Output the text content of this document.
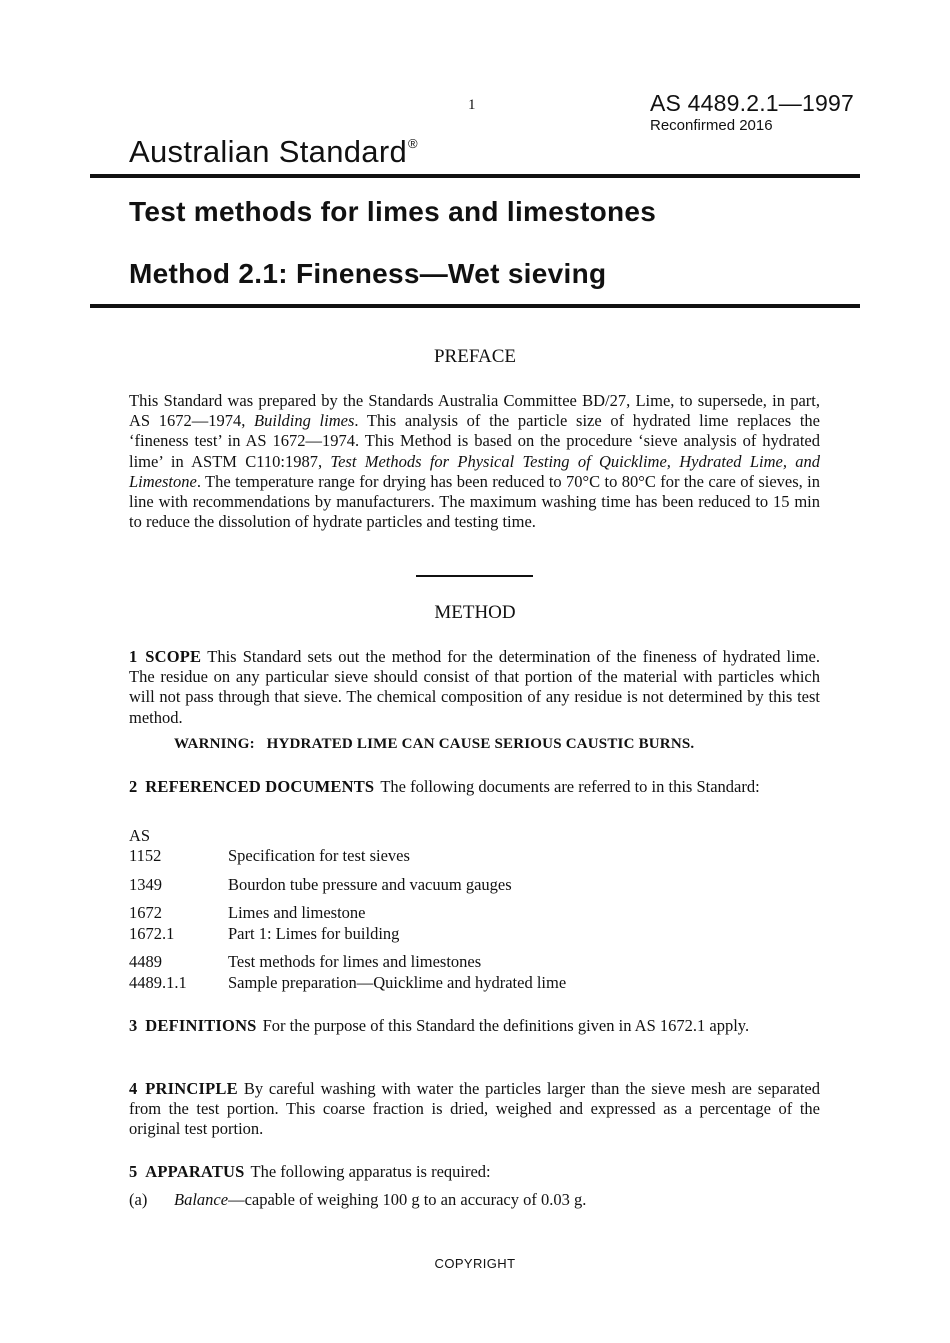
1	AS 4489.2.1—1997
Reconfirmed 2016
Australian Standard®
Test methods for limes and limestones
Method 2.1: Fineness—Wet sieving
PREFACE
This Standard was prepared by the Standards Australia Committee BD/27, Lime, to supersede, in part, AS 1672—1974, Building limes. This analysis of the particle size of hydrated lime replaces the ‘fineness test’ in AS 1672—1974. This Method is based on the procedure ‘sieve analysis of hydrated lime’ in ASTM C110:1987, Test Methods for Physical Testing of Quicklime, Hydrated Lime, and Limestone. The temperature range for drying has been reduced to 70°C to 80°C for the care of sieves, in line with recommendations by manufacturers. The maximum washing time has been reduced to 15 min to reduce the dissolution of hydrate particles and testing time.
METHOD
1 SCOPE This Standard sets out the method for the determination of the fineness of hydrated lime. The residue on any particular sieve should consist of that portion of the material with particles which will not pass through that sieve. The chemical composition of any residue is not determined by this test method.
WARNING:   HYDRATED LIME CAN CAUSE SERIOUS CAUSTIC BURNS.
2 REFERENCED DOCUMENTS The following documents are referred to in this Standard:
AS
1152	Specification for test sieves
1349	Bourdon tube pressure and vacuum gauges
1672	Limes and limestone
1672.1	Part 1: Limes for building
4489	Test methods for limes and limestones
4489.1.1	Sample preparation—Quicklime and hydrated lime
3 DEFINITIONS For the purpose of this Standard the definitions given in AS 1672.1 apply.
4 PRINCIPLE By careful washing with water the particles larger than the sieve mesh are separated from the test portion. This coarse fraction is dried, weighed and expressed as a percentage of the original test portion.
5 APPARATUS The following apparatus is required:
(a) Balance—capable of weighing 100 g to an accuracy of 0.03 g.
COPYRIGHT
